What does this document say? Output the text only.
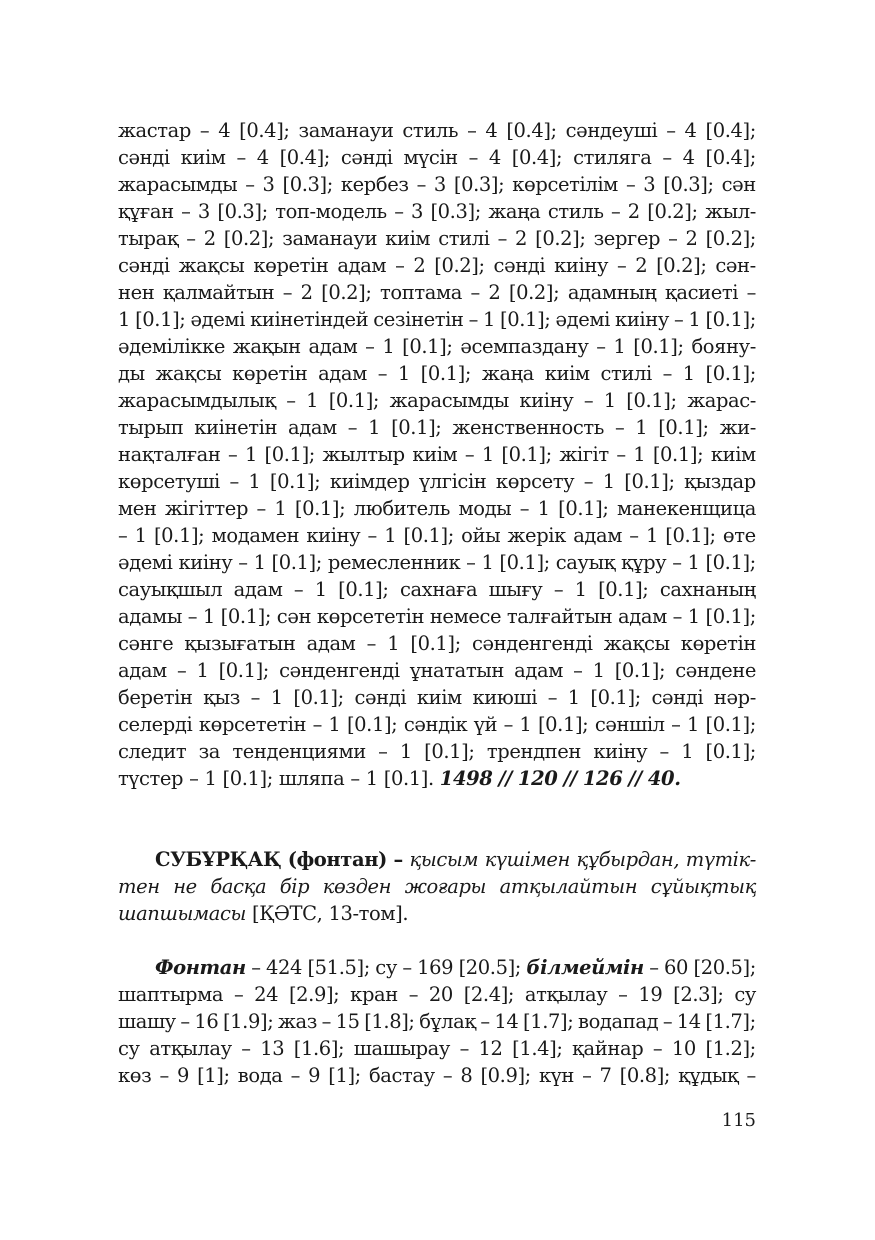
жастар – 4 [0.4]; заманауи стиль – 4 [0.4]; сәндеуші – 4 [0.4];
сәнді киім – 4 [0.4]; сәнді мүсін – 4 [0.4]; стиляга – 4 [0.4];
жарасымды – 3 [0.3]; кербез – 3 [0.3]; көрсетілім – 3 [0.3]; сән
құған – 3 [0.3]; топ-модель – 3 [0.3]; жаңа стиль – 2 [0.2]; жыл-
тырақ – 2 [0.2]; заманауи киім стилі – 2 [0.2]; зергер – 2 [0.2];
сәнді жақсы көретін адам – 2 [0.2]; сәнді киіну – 2 [0.2]; сән-
нен қалмайтын – 2 [0.2]; топтама – 2 [0.2]; адамның қасиеті –
1 [0.1]; әдемі киінетіндей сезінетін – 1 [0.1]; әдемі киіну – 1 [0.1];
әдемілікке жақын адам – 1 [0.1]; әсемпаздану – 1 [0.1]; бояну-
ды жақсы көретін адам – 1 [0.1]; жаңа киім стилі – 1 [0.1];
жарасымдылық – 1 [0.1]; жарасымды киіну – 1 [0.1]; жарас-
тырып киінетін адам – 1 [0.1]; женственность – 1 [0.1]; жи-
нақталған – 1 [0.1]; жылтыр киім – 1 [0.1]; жігіт – 1 [0.1]; киім
көрсетуші – 1 [0.1]; киімдер үлгісін көрсету – 1 [0.1]; қыздар
мен жігіттер – 1 [0.1]; любитель моды – 1 [0.1]; манекенщица
– 1 [0.1]; модамен киіну – 1 [0.1]; ойы жерік адам – 1 [0.1]; өте
әдемі киіну – 1 [0.1]; ремесленник – 1 [0.1]; сауық құру – 1 [0.1];
сауықшыл адам – 1 [0.1]; сахнаға шығу – 1 [0.1]; сахнаның
адамы – 1 [0.1]; сән көрсететін немесе талғайтын адам – 1 [0.1];
сәнге қызығатын адам – 1 [0.1]; сәнденгенді жақсы көретін
адам – 1 [0.1]; сәнденгенді ұнататын адам – 1 [0.1]; сәндене
беретін қыз – 1 [0.1]; сәнді киім киюші – 1 [0.1]; сәнді нәр-
селерді көрсететін – 1 [0.1]; сәндік үй – 1 [0.1]; сәншіл – 1 [0.1];
следит за тенденциями – 1 [0.1]; трендпен киіну – 1 [0.1];
түстер – 1 [0.1]; шляпа – 1 [0.1]. 1498 // 120 // 126 // 40.
СУБҰРҚАҚ (фонтан) – қысым күшімен құбырдан, түтік-
тен не басқа бір көзден жоғары атқылайтын сұйықтық
шапшымасы [ҚӘТС, 13-том].
Фонтан – 424 [51.5]; су – 169 [20.5]; білмеймін – 60 [20.5];
шаптырма – 24 [2.9]; кран – 20 [2.4]; атқылау – 19 [2.3]; су
шашу – 16 [1.9]; жаз – 15 [1.8]; бұлақ – 14 [1.7]; водапад – 14 [1.7];
су атқылау – 13 [1.6]; шашырау – 12 [1.4]; қайнар – 10 [1.2];
көз – 9 [1]; вода – 9 [1]; бастау – 8 [0.9]; күн – 7 [0.8]; құдық –
115
